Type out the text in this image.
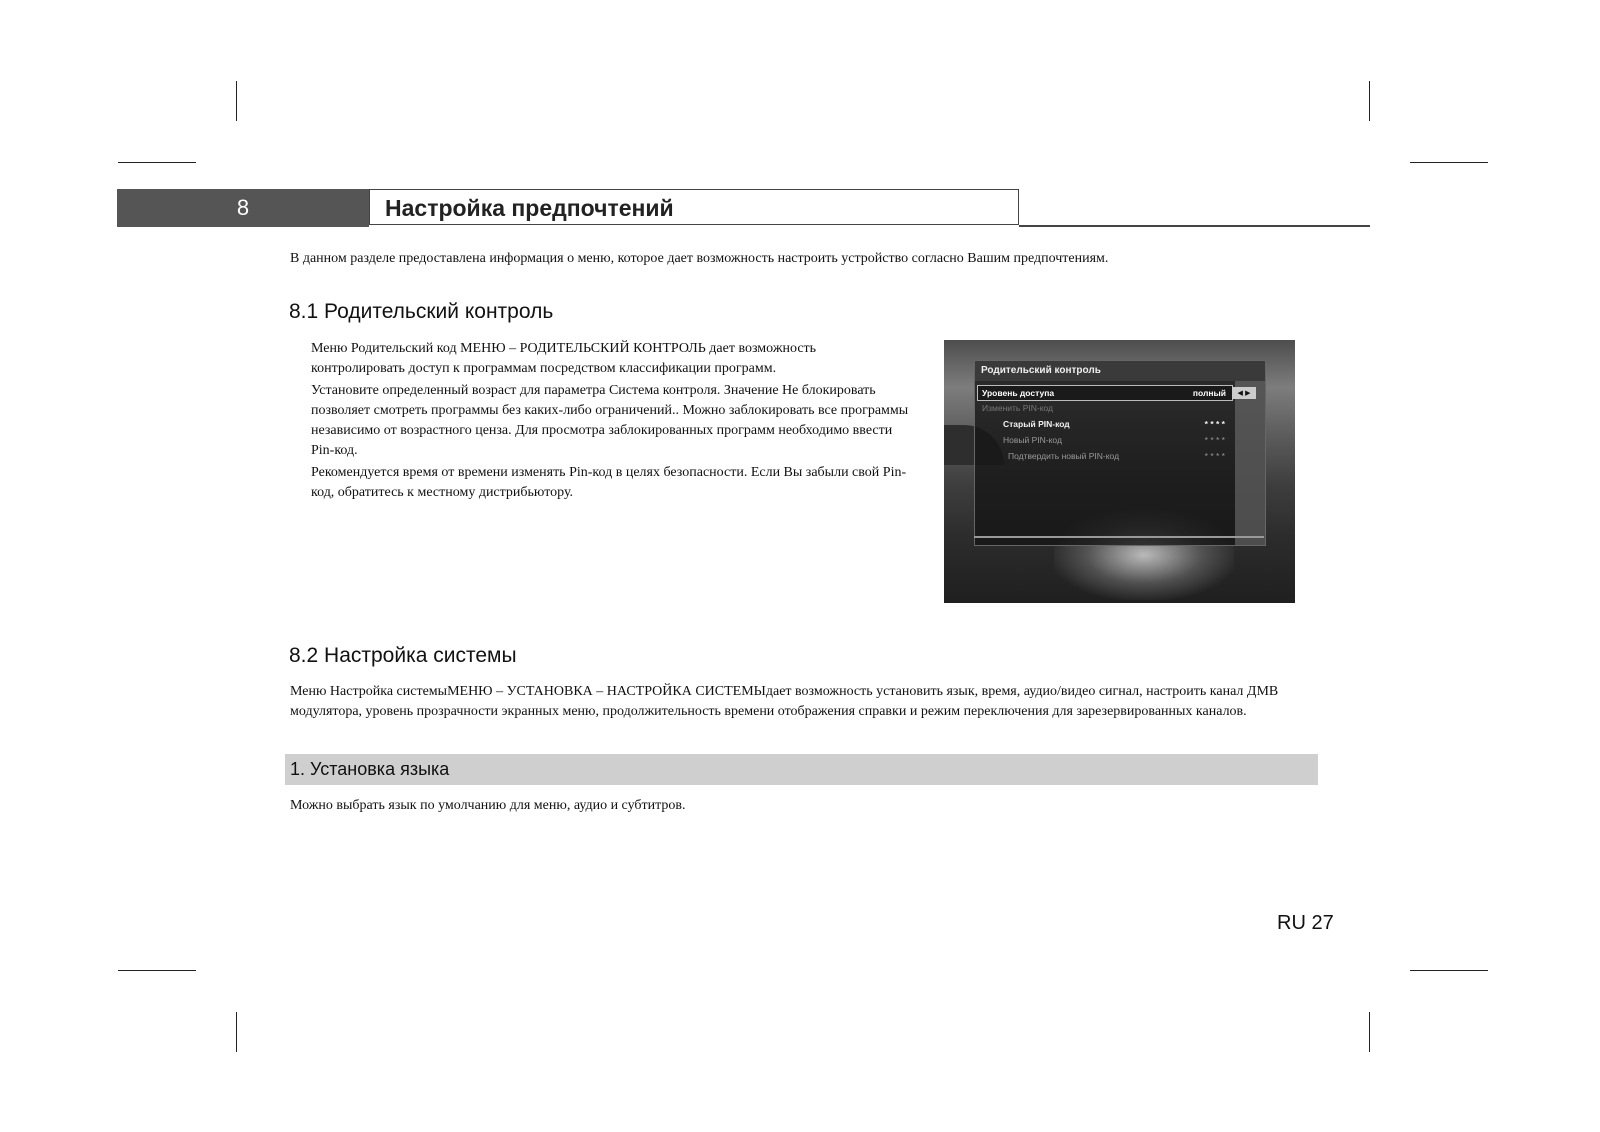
8	Настройка предпочтений
В данном разделе предоставлена информация о меню, которое дает возможность настроить устройство согласно Вашим предпочтениям.
8.1 Родительский контроль

Меню Родительский код МЕНЮ – РОДИТЕЛЬСКИЙ КОНТРОЛЬ дает возможность контролировать доступ к программам посредством классификации программ.

Установите определенный возраст для параметра Система контроля. Значение Не блокировать позволяет смотреть программы без каких-либо ограничений.. Можно заблокировать все программы независимо от возрастного ценза. Для просмотра заблокированных программ необходимо ввести Pin-код.

Рекомендуется время от времени изменять Pin-код в целях безопасности. Если Вы забыли свой Pin-код, обратитесь к местному дистрибьютору.

Родительский контроль
Уровень доступа	полный
Изменить PIN-код
Старый PIN-код	* * * *
Новый PIN-код	* * * *
Подтвердить новый PIN-код	* * * *
◀ ▶
8.2 Настройка системы
Меню Настройка системыМЕНЮ – УСТАНОВКА – НАСТРОЙКА СИСТЕМЫдает возможность установить язык, время, аудио/видео сигнал, настроить канал ДМВ модулятора, уровень прозрачности экранных меню, продолжительность времени отображения справки и режим переключения для зарезервированных каналов.
1. Установка языка
Можно выбрать язык по умолчанию для меню, аудио и субтитров.
RU 27
